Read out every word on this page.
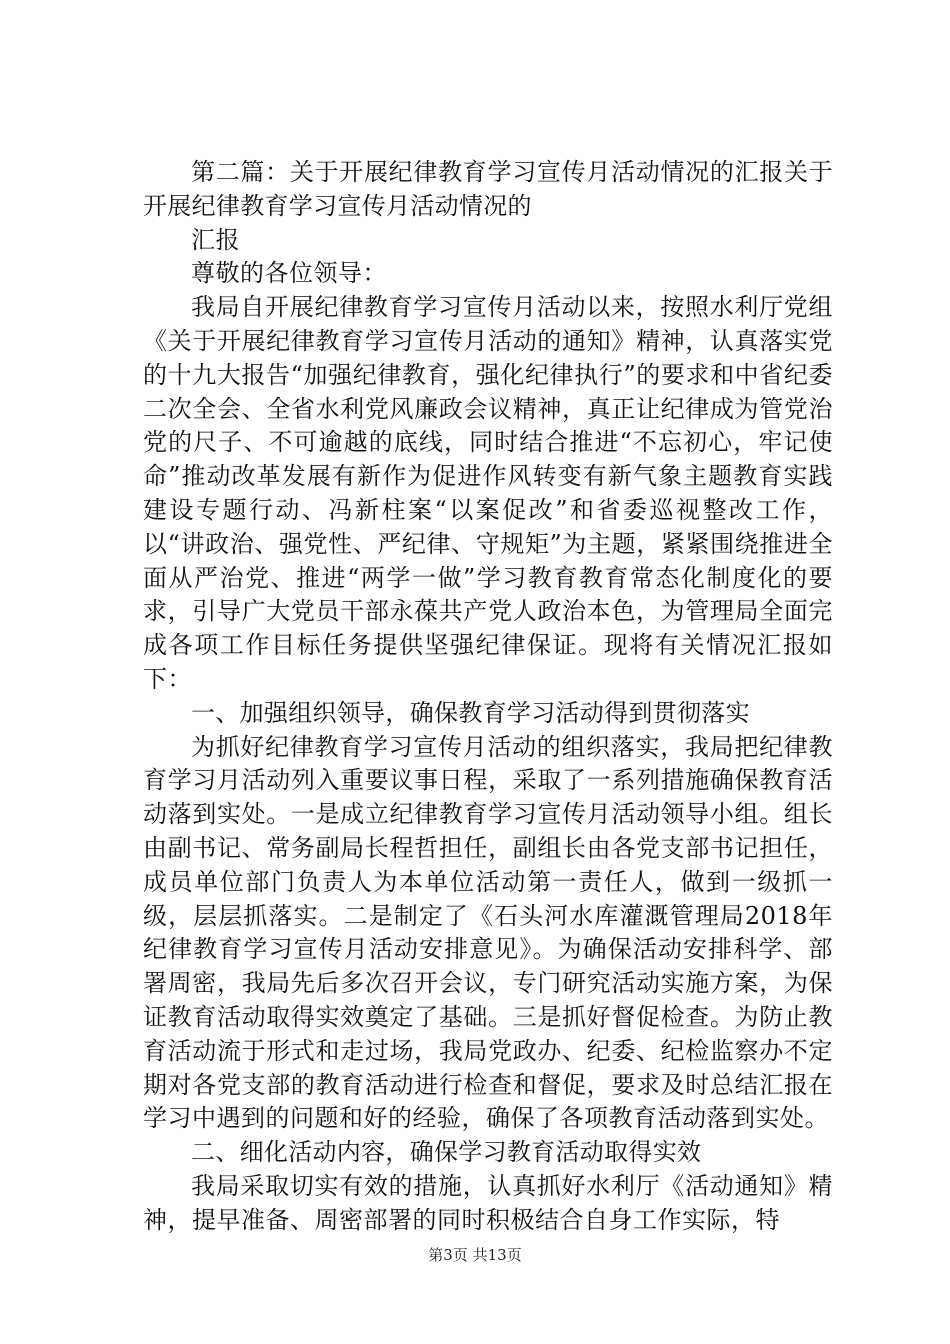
第二篇：关于开展纪律教育学习宣传月活动情况的汇报关于开展纪律教育学习宣传月活动情况的

汇报

尊敬的各位领导：

我局自开展纪律教育学习宣传月活动以来，按照水利厅党组《关于开展纪律教育学习宣传月活动的通知》精神，认真落实党的十九大报告“加强纪律教育，强化纪律执行”的要求和中省纪委二次全会、全省水利党风廉政会议精神，真正让纪律成为管党治党的尺子、不可逾越的底线，同时结合推进“不忘初心，牢记使命”推动改革发展有新作为促进作风转变有新气象主题教育实践建设专题行动、冯新柱案“以案促改”和省委巡视整改工作，以“讲政治、强党性、严纪律、守规矩”为主题，紧紧围绕推进全面从严治党、推进“两学一做”学习教育教育常态化制度化的要求，引导广大党员干部永葆共产党人政治本色，为管理局全面完成各项工作目标任务提供坚强纪律保证。现将有关情况汇报如下：

一、加强组织领导，确保教育学习活动得到贯彻落实

为抓好纪律教育学习宣传月活动的组织落实，我局把纪律教育学习月活动列入重要议事日程，采取了一系列措施确保教育活动落到实处。一是成立纪律教育学习宣传月活动领导小组。组长由副书记、常务副局长程哲担任，副组长由各党支部书记担任，成员单位部门负责人为本单位活动第一责任人，做到一级抓一级，层层抓落实。二是制定了《石头河水库灌溉管理局2018年纪律教育学习宣传月活动安排意见》。为确保活动安排科学、部署周密，我局先后多次召开会议，专门研究活动实施方案，为保证教育活动取得实效奠定了基础。三是抓好督促检查。为防止教育活动流于形式和走过场，我局党政办、纪委、纪检监察办不定期对各党支部的教育活动进行检查和督促，要求及时总结汇报在学习中遇到的问题和好的经验，确保了各项教育活动落到实处。

二、细化活动内容，确保学习教育活动取得实效

我局采取切实有效的措施，认真抓好水利厅《活动通知》精神，提早准备、周密部署的同时积极结合自身工作实际，特

第3页 共13页
